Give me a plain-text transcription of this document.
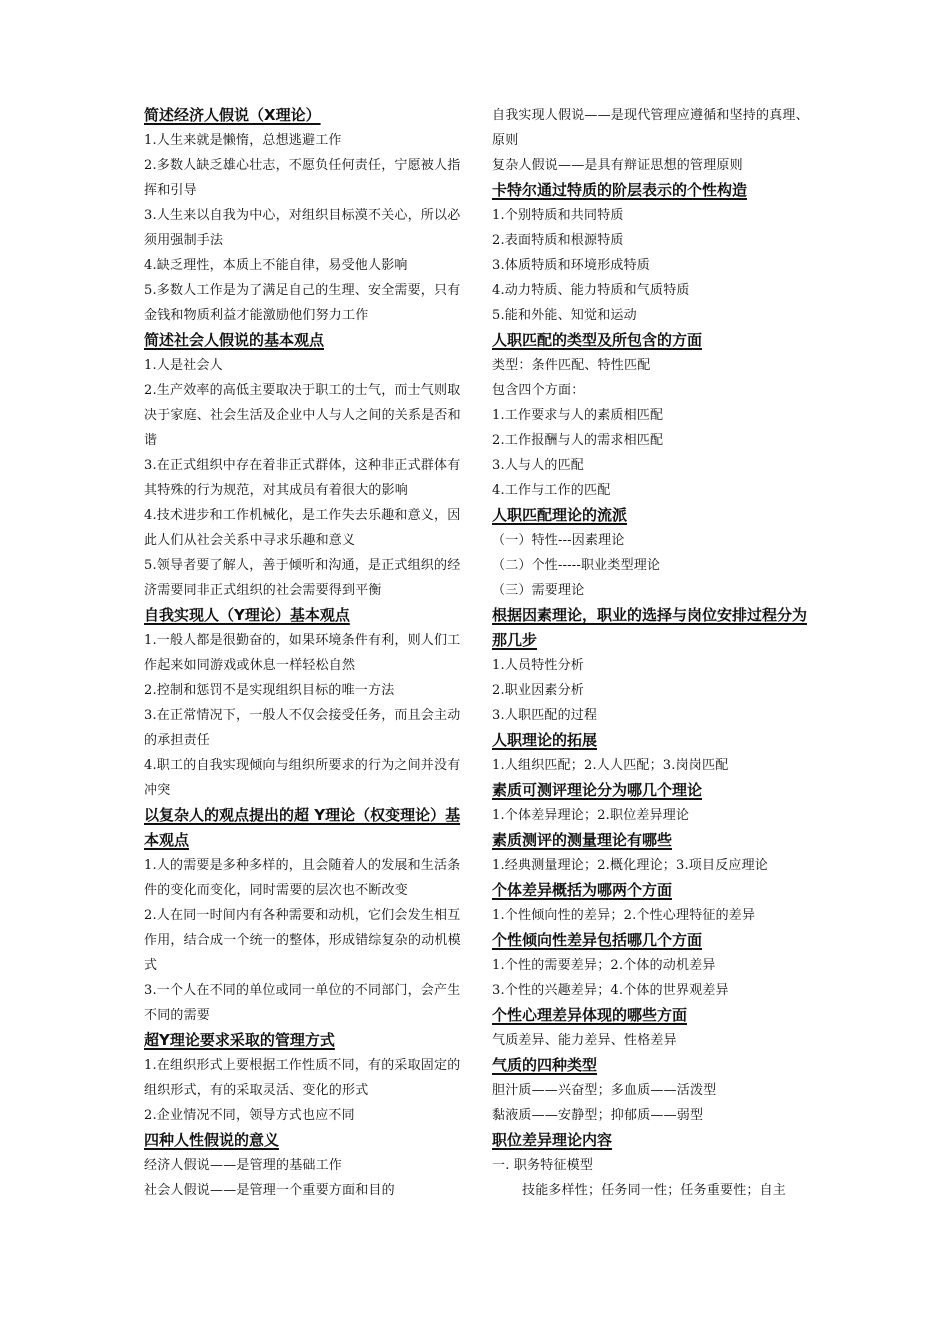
简述经济人假说（X理论）

1.人生来就是懒惰，总想逃避工作

2.多数人缺乏雄心壮志，不愿负任何责任，宁愿被人指挥和引导

3.人生来以自我为中心，对组织目标漠不关心，所以必须用强制手法

4.缺乏理性，本质上不能自律，易受他人影响

5.多数人工作是为了满足自己的生理、安全需要，只有金钱和物质利益才能激励他们努力工作

简述社会人假说的基本观点

1.人是社会人

2.生产效率的高低主要取决于职工的士气，而士气则取决于家庭、社会生活及企业中人与人之间的关系是否和谐

3.在正式组织中存在着非正式群体，这种非正式群体有其特殊的行为规范，对其成员有着很大的影响

4.技术进步和工作机械化，是工作失去乐趣和意义，因此人们从社会关系中寻求乐趣和意义

5.领导者要了解人，善于倾听和沟通，是正式组织的经济需要同非正式组织的社会需要得到平衡

自我实现人（Y理论）基本观点

1.一般人都是很勤奋的，如果环境条件有利，则人们工作起来如同游戏或休息一样轻松自然

2.控制和惩罚不是实现组织目标的唯一方法

3.在正常情况下，一般人不仅会接受任务，而且会主动的承担责任

4.职工的自我实现倾向与组织所要求的行为之间并没有冲突

以复杂人的观点提出的超 Y理论（权变理论）基本观点

1.人的需要是多种多样的，且会随着人的发展和生活条件的变化而变化，同时需要的层次也不断改变

2.人在同一时间内有各种需要和动机，它们会发生相互作用，结合成一个统一的整体，形成错综复杂的动机模式

3.一个人在不同的单位或同一单位的不同部门，会产生不同的需要

超Y理论要求采取的管理方式

1.在组织形式上要根据工作性质不同，有的采取固定的组织形式，有的采取灵活、变化的形式

2.企业情况不同，领导方式也应不同

四种人性假说的意义

经济人假说——是管理的基础工作

社会人假说——是管理一个重要方面和目的

自我实现人假说——是现代管理应遵循和坚持的真理、原则

复杂人假说——是具有辩证思想的管理原则

卡特尔通过特质的阶层表示的个性构造

1.个别特质和共同特质

2.表面特质和根源特质

3.体质特质和环境形成特质

4.动力特质、能力特质和气质特质

5.能和外能、知觉和运动

人职匹配的类型及所包含的方面

类型：条件匹配、特性匹配

包含四个方面：

1.工作要求与人的素质相匹配

2.工作报酬与人的需求相匹配

3.人与人的匹配

4.工作与工作的匹配

人职匹配理论的流派

（一）特性---因素理论

（二）个性-----职业类型理论

（三）需要理论

根据因素理论，职业的选择与岗位安排过程分为那几步

1.人员特性分析

2.职业因素分析

3.人职匹配的过程

人职理论的拓展

1.人组织匹配；2.人人匹配；3.岗岗匹配

素质可测评理论分为哪几个理论

1.个体差异理论；2.职位差异理论

素质测评的测量理论有哪些

1.经典测量理论；2.概化理论；3.项目反应理论

个体差异概括为哪两个方面

1.个性倾向性的差异；2.个性心理特征的差异

个性倾向性差异包括哪几个方面

1.个性的需要差异；2.个体的动机差异

3.个性的兴趣差异；4.个体的世界观差异

个性心理差异体现的哪些方面

气质差异、能力差异、性格差异

气质的四种类型

胆汁质——兴奋型；多血质——活泼型

黏液质——安静型；抑郁质——弱型

职位差异理论内容

一. 职务特征模型

技能多样性；任务同一性；任务重要性；自主
